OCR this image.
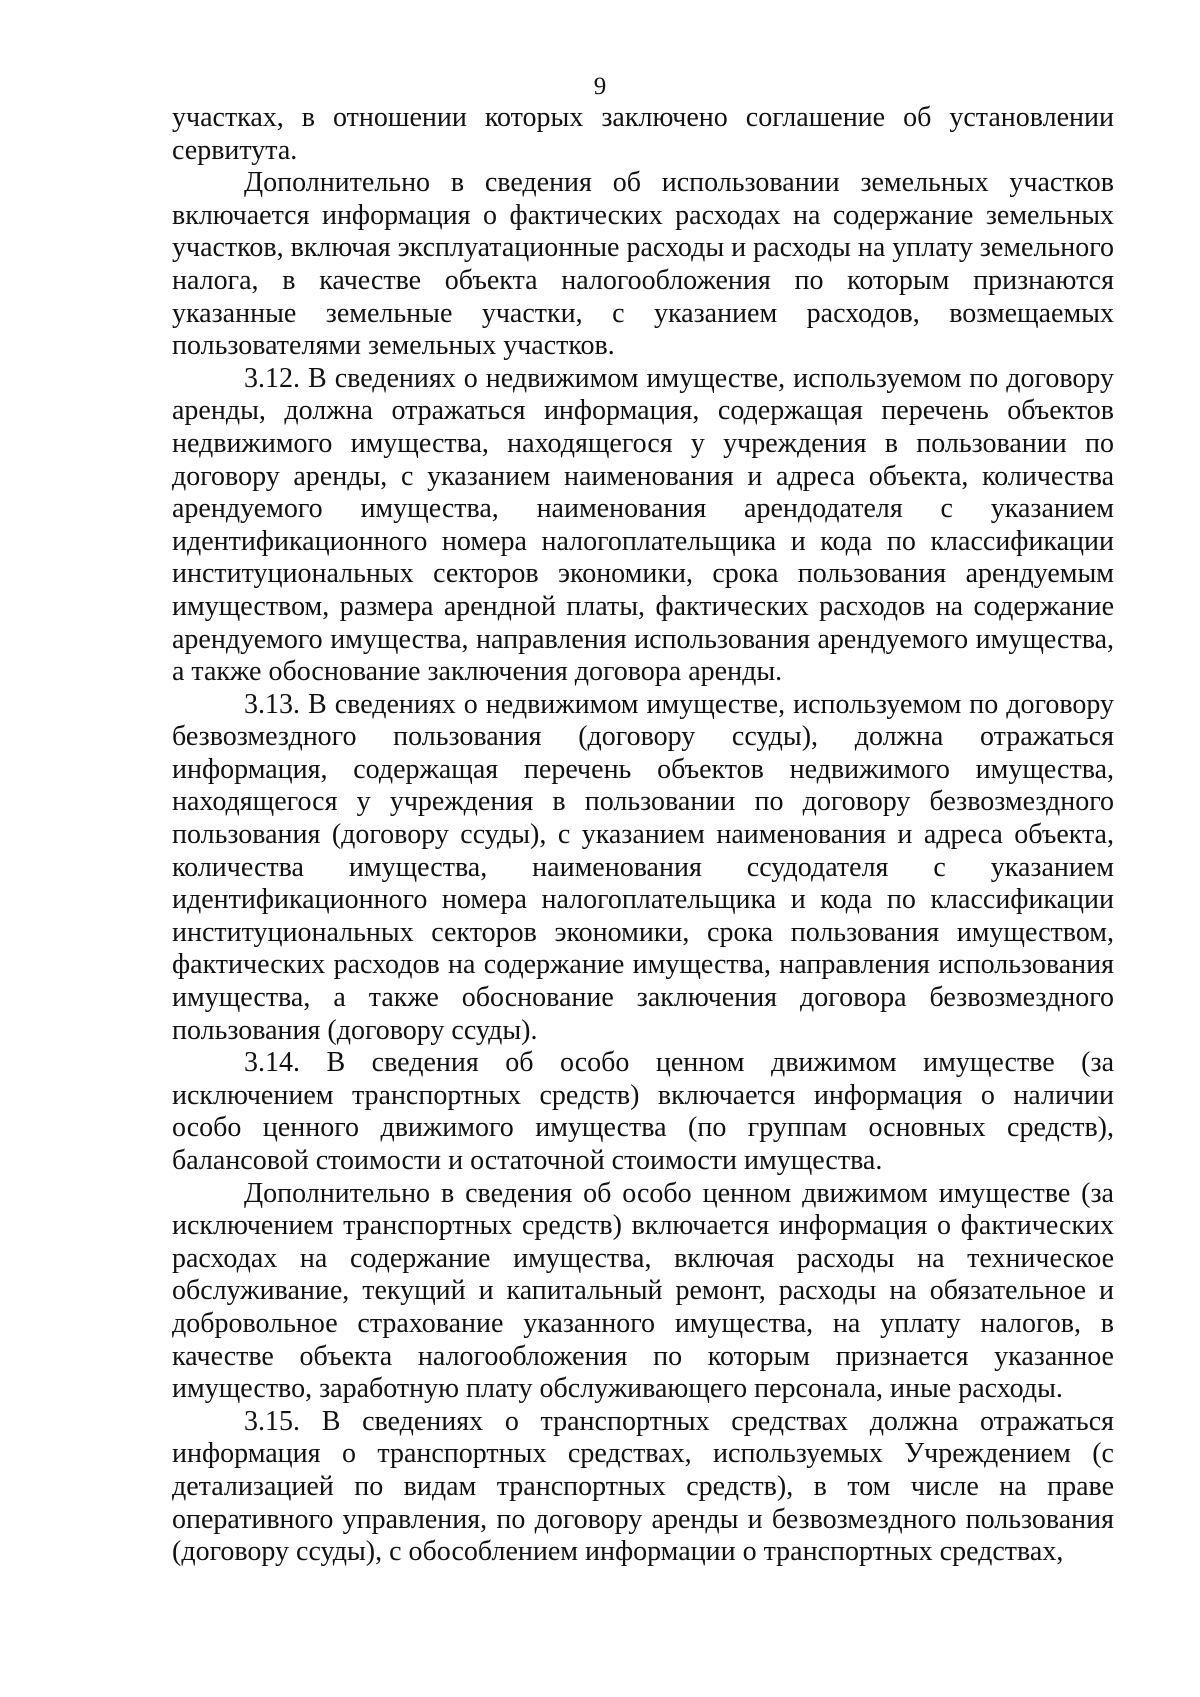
9

участках, в отношении которых заключено соглашение об установлении сервитута.

Дополнительно в сведения об использовании земельных участков включается информация о фактических расходах на содержание земельных участков, включая эксплуатационные расходы и расходы на уплату земельного налога, в качестве объекта налогообложения по которым признаются указанные земельные участки, с указанием расходов, возмещаемых пользователями земельных участков.

3.12. В сведениях о недвижимом имуществе, используемом по договору аренды, должна отражаться информация, содержащая перечень объектов недвижимого имущества, находящегося у учреждения в пользовании по договору аренды, с указанием наименования и адреса объекта, количества арендуемого имущества, наименования арендодателя с указанием идентификационного номера налогоплательщика и кода по классификации институциональных секторов экономики, срока пользования арендуемым имуществом, размера арендной платы, фактических расходов на содержание арендуемого имущества, направления использования арендуемого имущества, а также обоснование заключения договора аренды.

3.13. В сведениях о недвижимом имуществе, используемом по договору безвозмездного пользования (договору ссуды), должна отражаться информация, содержащая перечень объектов недвижимого имущества, находящегося у учреждения в пользовании по договору безвозмездного пользования (договору ссуды), с указанием наименования и адреса объекта, количества имущества, наименования ссудодателя с указанием идентификационного номера налогоплательщика и кода по классификации институциональных секторов экономики, срока пользования имуществом, фактических расходов на содержание имущества, направления использования имущества, а также обоснование заключения договора безвозмездного пользования (договору ссуды).

3.14. В сведения об особо ценном движимом имуществе (за исключением транспортных средств) включается информация о наличии особо ценного движимого имущества (по группам основных средств), балансовой стоимости и остаточной стоимости имущества.

Дополнительно в сведения об особо ценном движимом имуществе (за исключением транспортных средств) включается информация о фактических расходах на содержание имущества, включая расходы на техническое обслуживание, текущий и капитальный ремонт, расходы на обязательное и добровольное страхование указанного имущества, на уплату налогов, в качестве объекта налогообложения по которым признается указанное имущество, заработную плату обслуживающего персонала, иные расходы.

3.15. В сведениях о транспортных средствах должна отражаться информация о транспортных средствах, используемых Учреждением (с детализацией по видам транспортных средств), в том числе на праве оперативного управления, по договору аренды и безвозмездного пользования (договору ссуды), с обособлением информации о транспортных средствах,
